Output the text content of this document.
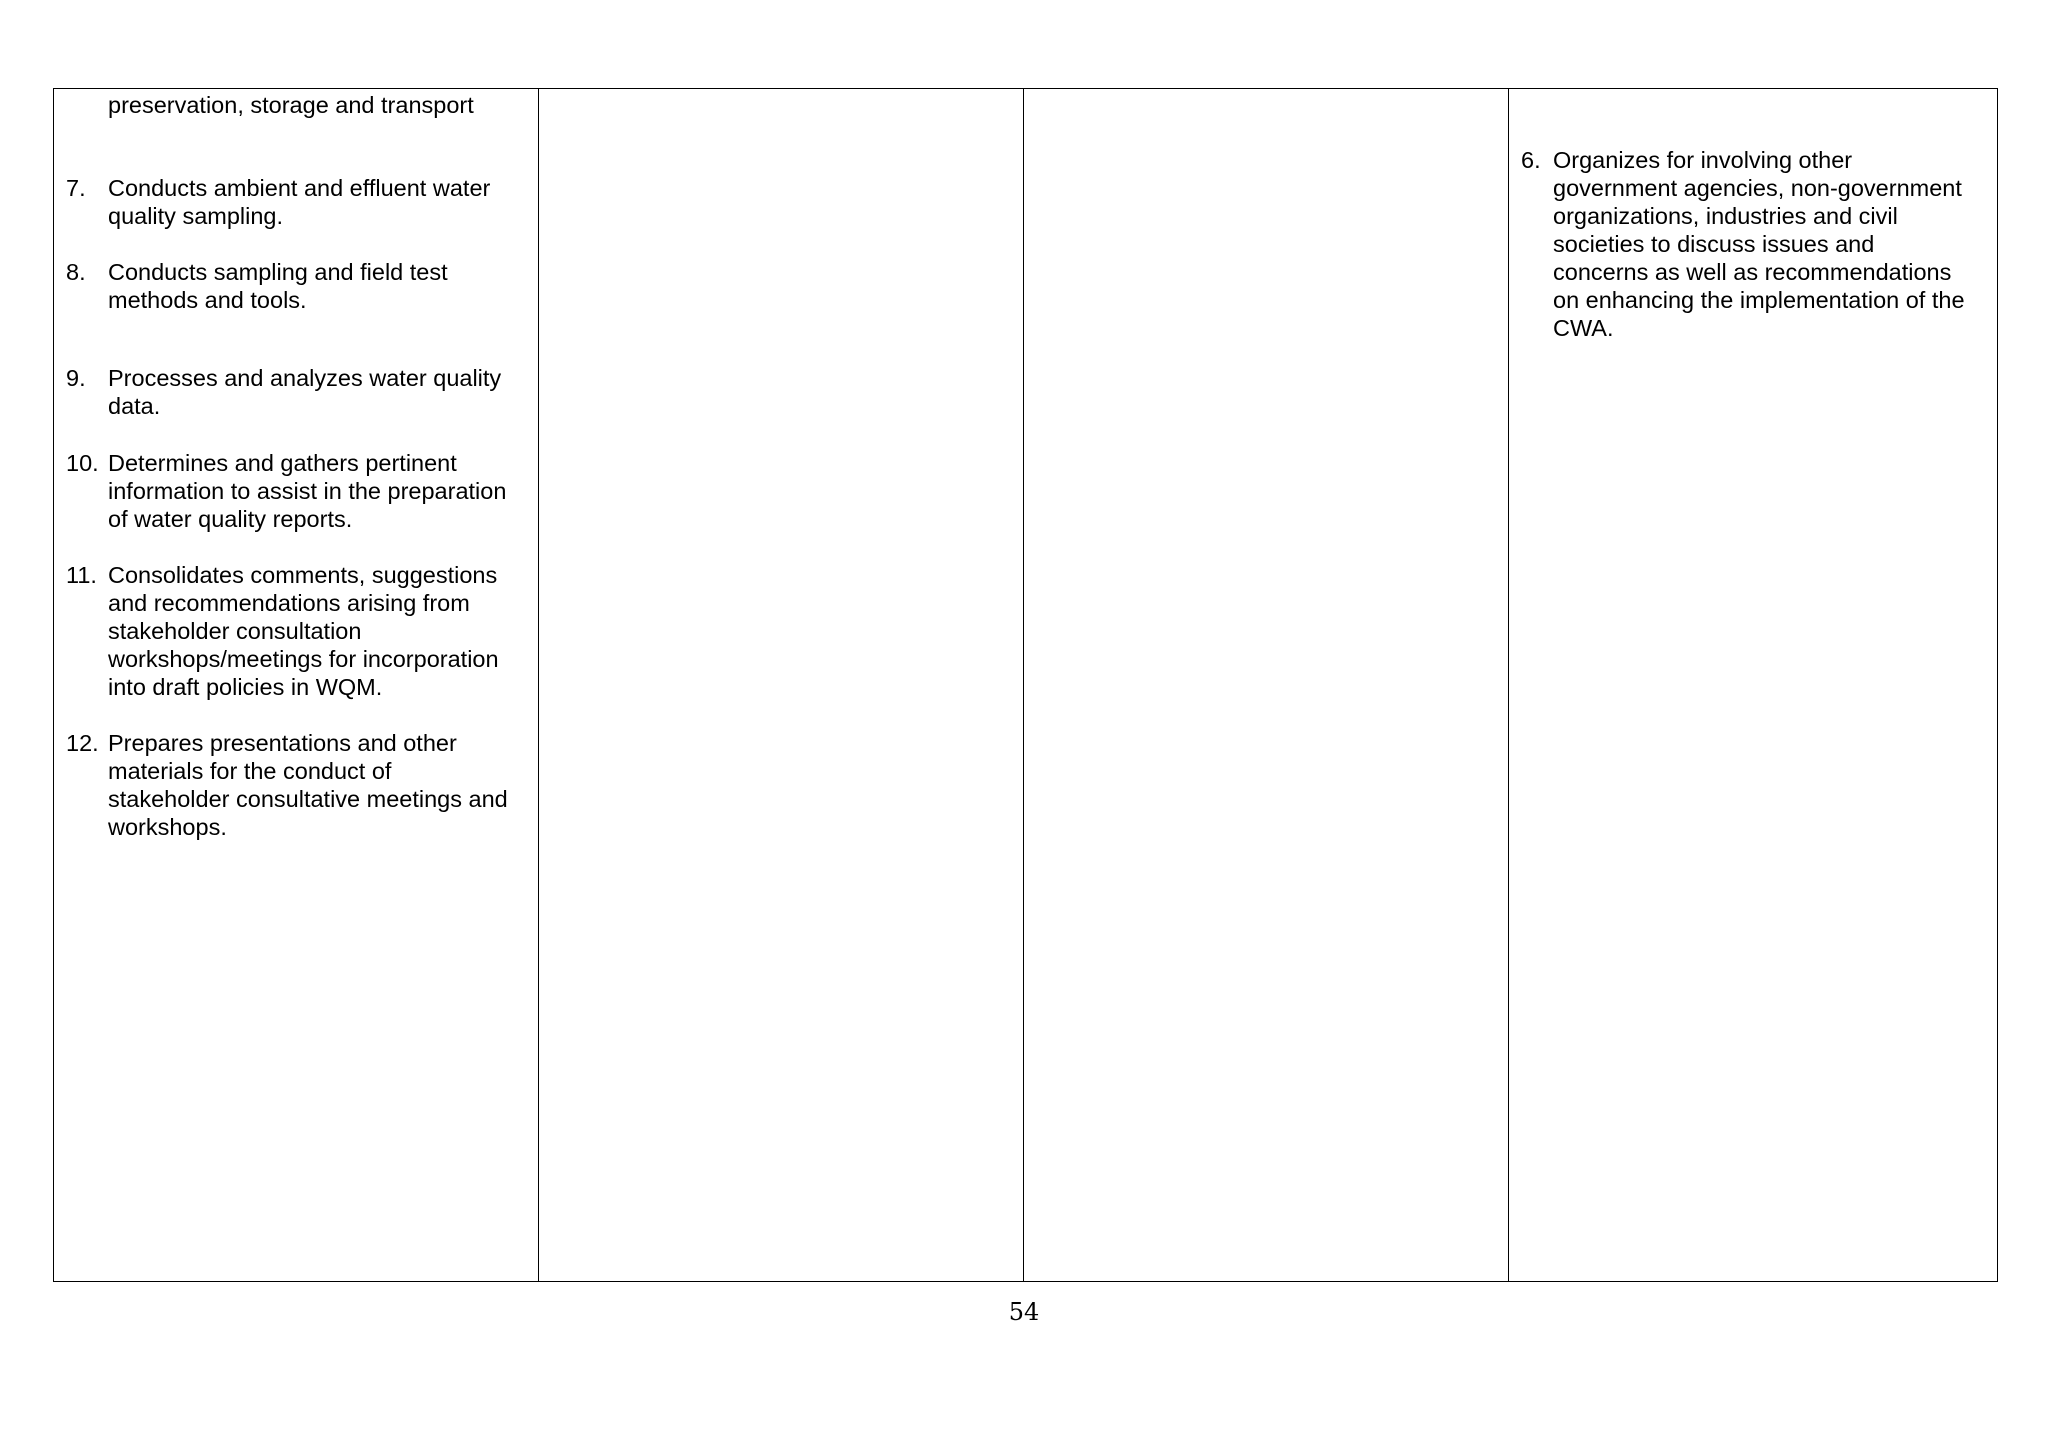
preservation, storage and transport
7. Conducts ambient and effluent water
quality sampling.
8. Conducts sampling and field test
methods and tools.
9. Processes and analyzes water quality
data.
10. Determines and gathers pertinent
information to assist in the preparation
of water quality reports.
11. Consolidates comments, suggestions
and recommendations arising from
stakeholder consultation
workshops/meetings for incorporation
into draft policies in WQM.
12. Prepares presentations and other
materials for the conduct of
stakeholder consultative meetings and
workshops.
6. Organizes for involving other
government agencies, non-government
organizations, industries and civil
societies to discuss issues and
concerns as well as recommendations
on enhancing the implementation of the
CWA.
54
